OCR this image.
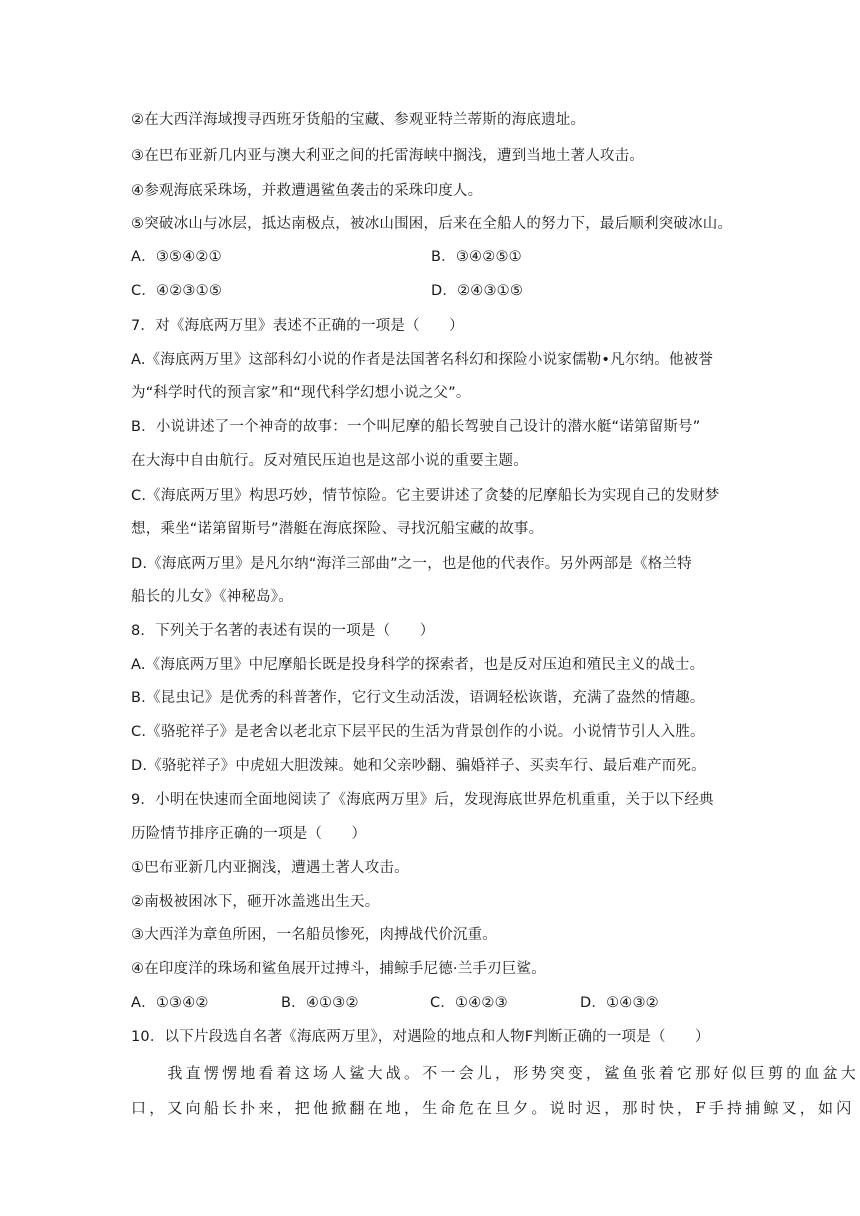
②在大西洋海域搜寻西班牙货船的宝藏、参观亚特兰蒂斯的海底遗址。
③在巴布亚新几内亚与澳大利亚之间的托雷海峡中搁浅，遭到当地土著人攻击。
④参观海底采珠场，并救遭遇鲨鱼袭击的采珠印度人。
⑤突破冰山与冰层，抵达南极点，被冰山围困，后来在全船人的努力下，最后顺利突破冰山。
A．③⑤④②①	B．③④②⑤①
C．④②③①⑤	D．②④③①⑤
7．对《海底两万里》表述不正确的一项是（　　）
A.《海底两万里》这部科幻小说的作者是法国著名科幻和探险小说家儒勒•凡尔纳。他被誉
为“科学时代的预言家”和“现代科学幻想小说之父”。
B．小说讲述了一个神奇的故事：一个叫尼摩的船长驾驶自己设计的潜水艇“诺第留斯号”
在大海中自由航行。反对殖民压迫也是这部小说的重要主题。
C.《海底两万里》构思巧妙，情节惊险。它主要讲述了贪婪的尼摩船长为实现自己的发财梦
想，乘坐“诺第留斯号”潜艇在海底探险、寻找沉船宝藏的故事。
D.《海底两万里》是凡尔纳“海洋三部曲”之一，也是他的代表作。另外两部是《格兰特
船长的儿女》《神秘岛》。
8．下列关于名著的表述有误的一项是（　　）
A.《海底两万里》中尼摩船长既是投身科学的探索者，也是反对压迫和殖民主义的战士。
B.《昆虫记》是优秀的科普著作，它行文生动活泼，语调轻松诙谐，充满了盎然的情趣。
C.《骆驼祥子》是老舍以老北京下层平民的生活为背景创作的小说。小说情节引人入胜。
D.《骆驼祥子》中虎妞大胆泼辣。她和父亲吵翻、骗婚祥子、买卖车行、最后难产而死。
9．小明在快速而全面地阅读了《海底两万里》后，发现海底世界危机重重，关于以下经典
历险情节排序正确的一项是（　　）
①巴布亚新几内亚搁浅，遭遇土著人攻击。
②南极被困冰下，砸开冰盖逃出生天。
③大西洋为章鱼所困，一名船员惨死，肉搏战代价沉重。
④在印度洋的珠场和鲨鱼展开过搏斗，捕鲸手尼德·兰手刃巨鲨。
A．①③④②	B．④①③②	C．①④②③	D．①④③②
10．以下片段选自名著《海底两万里》，对遇险的地点和人物F判断正确的一项是（　　）
　　我直愣愣地看着这场人鲨大战。不一会儿，形势突变，鲨鱼张着它那好似巨剪的血盆大
口，又向船长扑来，把他掀翻在地，生命危在旦夕。说时迟，那时快，F手持捕鲸叉，如闪
